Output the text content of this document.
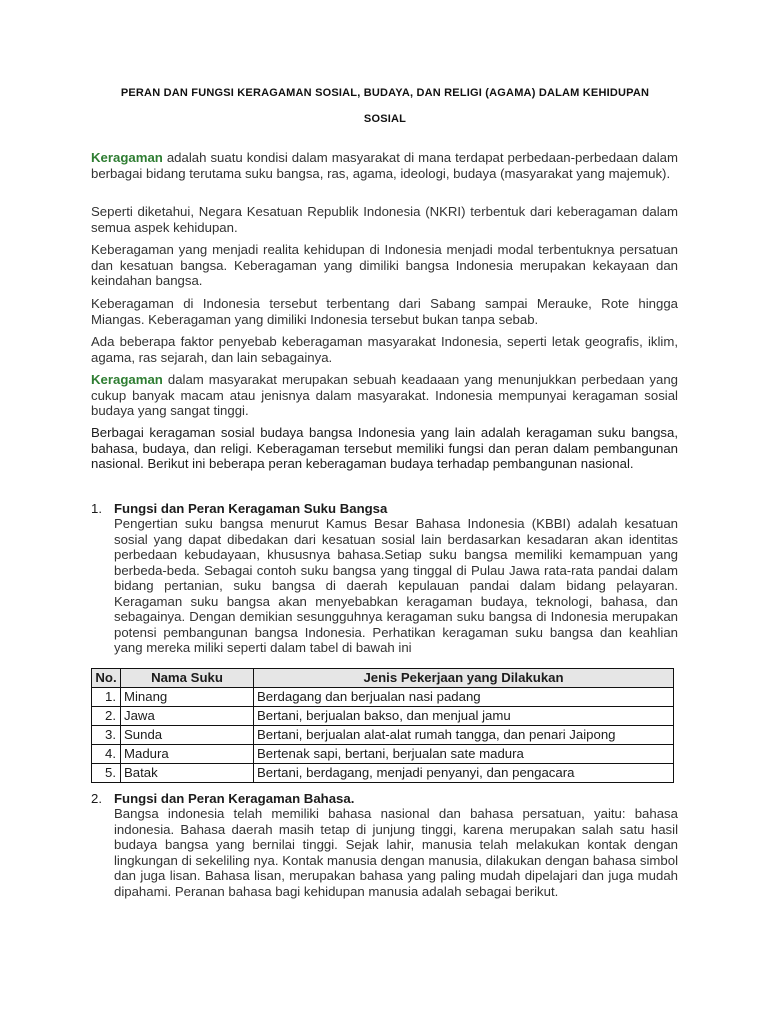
PERAN DAN FUNGSI KERAGAMAN SOSIAL, BUDAYA, DAN RELIGI (AGAMA) DALAM KEHIDUPAN
SOSIAL
Keragaman adalah suatu kondisi dalam masyarakat di mana terdapat perbedaan-perbedaan dalam berbagai bidang terutama suku bangsa, ras, agama, ideologi, budaya (masyarakat yang majemuk).
Seperti diketahui, Negara Kesatuan Republik Indonesia (NKRI) terbentuk dari keberagaman dalam semua aspek kehidupan.
Keberagaman yang menjadi realita kehidupan di Indonesia menjadi modal terbentuknya persatuan dan kesatuan bangsa. Keberagaman yang dimiliki bangsa Indonesia merupakan kekayaan dan keindahan bangsa.
Keberagaman di Indonesia tersebut terbentang dari Sabang sampai Merauke, Rote hingga Miangas. Keberagaman yang dimiliki Indonesia tersebut bukan tanpa sebab.
Ada beberapa faktor penyebab keberagaman masyarakat Indonesia, seperti letak geografis, iklim, agama, ras sejarah, dan lain sebagainya.
Keragaman dalam masyarakat merupakan sebuah keadaaan yang menunjukkan perbedaan yang cukup banyak macam atau jenisnya dalam masyarakat. Indonesia mempunyai keragaman sosial budaya yang sangat tinggi.
Berbagai keragaman sosial budaya bangsa Indonesia yang lain adalah keragaman suku bangsa, bahasa, budaya, dan religi. Keberagaman tersebut memiliki fungsi dan peran dalam pembangunan nasional. Berikut ini beberapa peran keberagaman budaya terhadap pembangunan nasional.
1. Fungsi dan Peran Keragaman Suku Bangsa
Pengertian suku bangsa menurut Kamus Besar Bahasa Indonesia (KBBI) adalah kesatuan sosial yang dapat dibedakan dari kesatuan sosial lain berdasarkan kesadaran akan identitas perbedaan kebudayaan, khususnya bahasa.Setiap suku bangsa memiliki kemampuan yang berbeda-beda. Sebagai contoh suku bangsa yang tinggal di Pulau Jawa rata-rata pandai dalam bidang pertanian, suku bangsa di daerah kepulauan pandai dalam bidang pelayaran. Keragaman suku bangsa akan menyebabkan keragaman budaya, teknologi, bahasa, dan sebagainya. Dengan demikian sesungguhnya keragaman suku bangsa di Indonesia merupakan potensi pembangunan bangsa Indonesia. Perhatikan keragaman suku bangsa dan keahlian yang mereka miliki seperti dalam tabel di bawah ini
No.	Nama Suku	Jenis Pekerjaan yang Dilakukan
1.	Minang	Berdagang dan berjualan nasi padang
2.	Jawa	Bertani, berjualan bakso, dan menjual jamu
3.	Sunda	Bertani, berjualan alat-alat rumah tangga, dan penari Jaipong
4.	Madura	Bertenak sapi, bertani, berjualan sate madura
5.	Batak	Bertani, berdagang, menjadi penyanyi, dan pengacara
2. Fungsi dan Peran Keragaman Bahasa.
Bangsa indonesia telah memiliki bahasa nasional dan bahasa persatuan, yaitu: bahasa indonesia. Bahasa daerah masih tetap di junjung tinggi, karena merupakan salah satu hasil budaya bangsa yang bernilai tinggi. Sejak lahir, manusia telah melakukan kontak dengan lingkungan di sekeliling nya. Kontak manusia dengan manusia, dilakukan dengan bahasa simbol dan juga lisan. Bahasa lisan, merupakan bahasa yang paling mudah dipelajari dan juga mudah dipahami. Peranan bahasa bagi kehidupan manusia adalah sebagai berikut.
